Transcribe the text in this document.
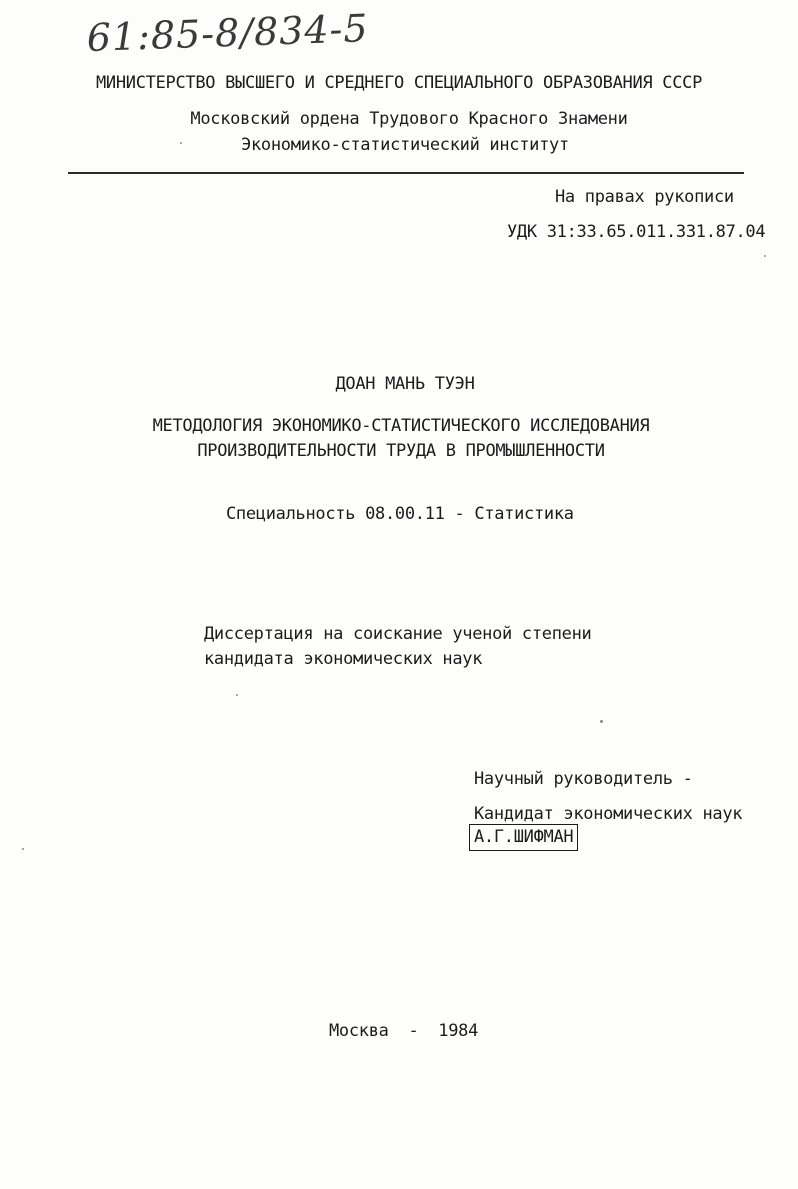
61:85-8/834-5
МИНИСТЕРСТВО ВЫСШЕГО И СРЕДНЕГО СПЕЦИАЛЬНОГО ОБРАЗОВАНИЯ СССР
Московский ордена Трудового Красного Знамени
Экономико-статистический институт
На правах рукописи
УДК 31:33.65.011.331.87.04
ДОАН МАНЬ ТУЭН
МЕТОДОЛОГИЯ ЭКОНОМИКО-СТАТИСТИЧЕСКОГО ИССЛЕДОВАНИЯ
ПРОИЗВОДИТЕЛЬНОСТИ ТРУДА В ПРОМЫШЛЕННОСТИ
Специальность 08.00.11 - Статистика
Диссертация на соискание ученой степени
кандидата экономических наук
Научный руководитель -
Кандидат экономических наук
А.Г.ШИФМАН
Москва  -  1984
